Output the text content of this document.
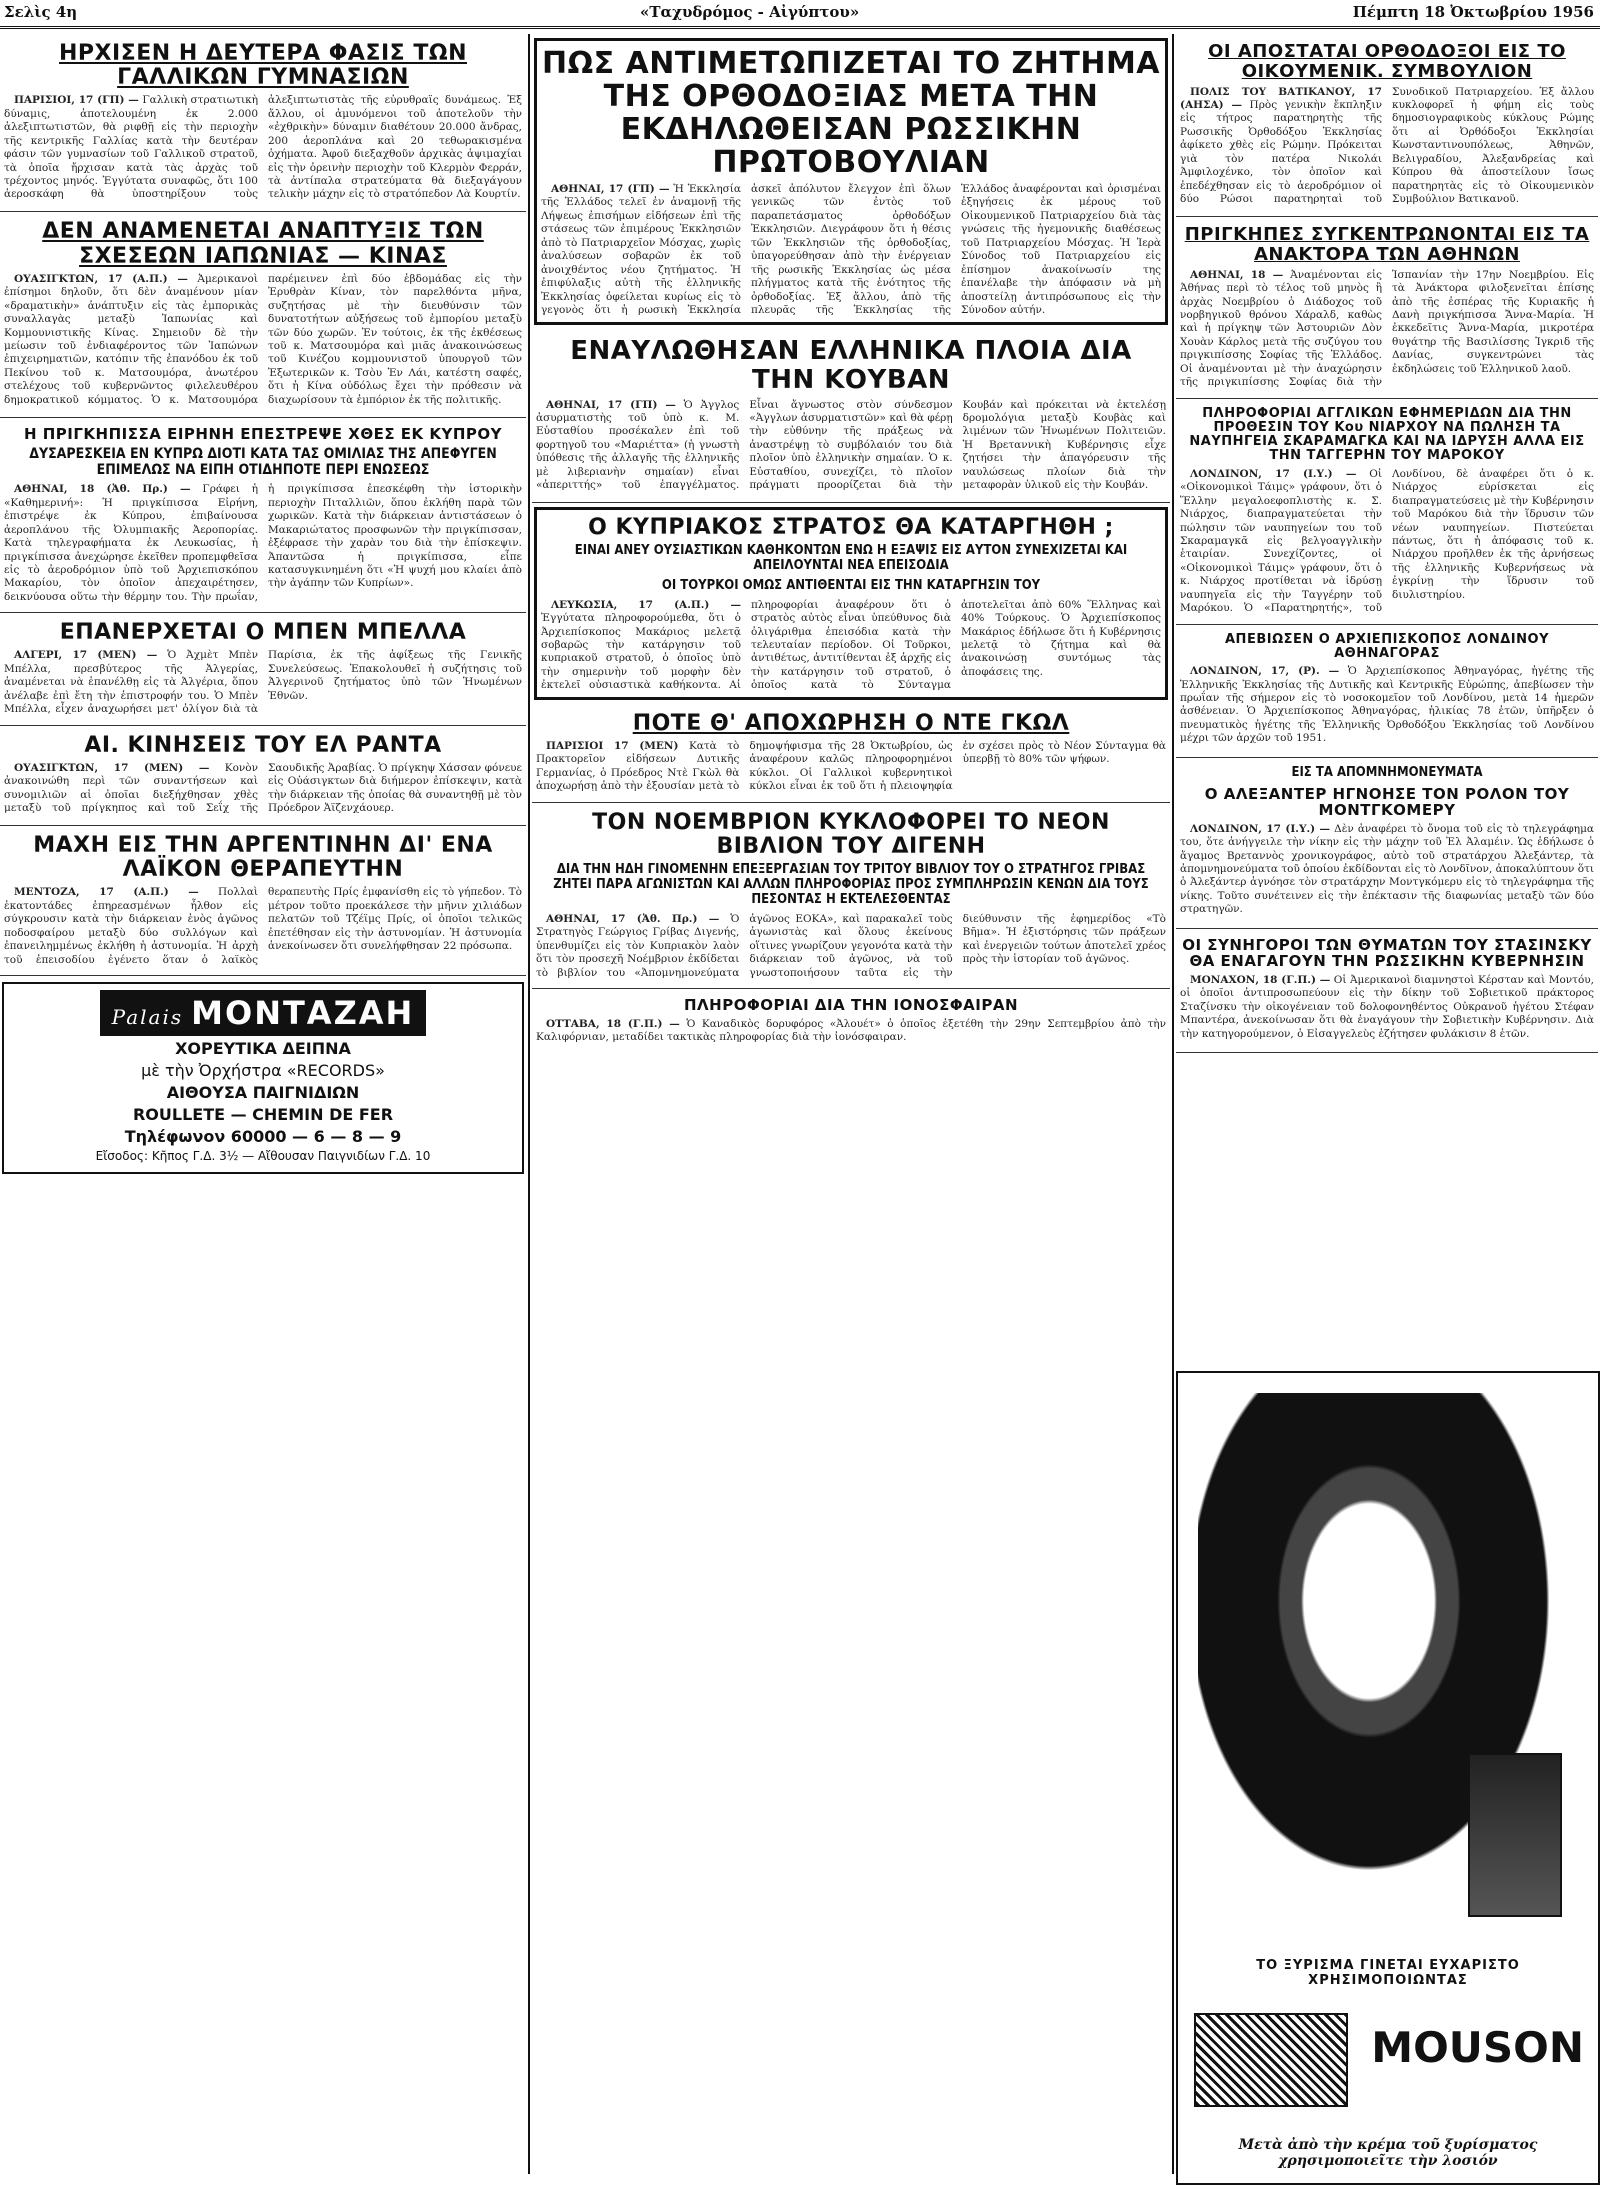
Σελὶς 4η	«Ταχυδρόμος - Αἰγύπτου»	Πέμπτη 18 Ὀκτωβρίου 1956
ΗΡΧΙΣΕΝ Η ΔΕΥΤΕΡΑ ΦΑΣΙΣ ΤΩΝ ΓΑΛΛΙΚΩΝ ΓΥΜΝΑΣΙΩΝ

ΠΑΡΙΣΙΟΙ, 17 (ΓΠ) — Γαλλικὴ στρατιωτικὴ δύναμις, ἀποτελουμένη ἐκ 2.000 ἀλεξιπτωτιστῶν, θὰ ριφθῇ εἰς τὴν περιοχὴν τῆς κεντρικῆς Γαλλίας κατὰ τὴν δευτέραν φάσιν τῶν γυμνασίων τοῦ Γαλλικοῦ στρατοῦ, τὰ ὁποῖα ἤρχισαν κατὰ τὰς ἀρχὰς τοῦ τρέχοντος μηνός. Ἐγγύτατα συναφῶς, ὅτι 100 ἀεροσκάφη θὰ ὑποστηρίξουν τοὺς ἀλεξιπτωτιστὰς τῆς εὐρυθραϊς δυνάμεως. Ἐξ ἄλλου, οἱ ἀμυνόμενοι τοῦ ἀποτελοῦν τὴν «ἐχθρικὴν» δύναμιν διαθέτουν 20.000 ἄνδρας, 200 ἀεροπλάνα καὶ 20 τεθωρακισμένα ὀχήματα. Ἀφοῦ διεξαχθοῦν ἀρχικὰς ἀψιμαχίαι εἰς τὴν ὀρεινὴν περιοχὴν τοῦ Κλερμὸν Φερράν, τὰ ἀντίπαλα στρατεύματα θὰ διεξαγάγουν τελικὴν μάχην εἰς τὸ στρατόπεδον Λὰ Κουρτίν.

ΔΕΝ ΑΝΑΜΕΝΕΤΑΙ ΑΝΑΠΤΥΞΙΣ ΤΩΝ ΣΧΕΣΕΩΝ ΙΑΠΩΝΙΑΣ — ΚΙΝΑΣ

ΟΥΑΣΙΓΚΤΩΝ, 17 (Α.Π.) — Ἀμερικανοὶ ἐπίσημοι δηλοῦν, ὅτι δὲν ἀναμένουν μίαν «δραματικὴν» ἀνάπτυξιν εἰς τὰς ἐμπορικὰς συναλλαγὰς μεταξὺ Ἰαπωνίας καὶ Κομμουνιστικῆς Κίνας. Σημειοῦν δὲ τὴν μείωσιν τοῦ ἐνδιαφέροντος τῶν Ἰαπώνων ἐπιχειρηματιῶν, κατόπιν τῆς ἐπανόδου ἐκ τοῦ Πεκίνου τοῦ κ. Ματσουμόρα, ἀνωτέρου στελέχους τοῦ κυβερνῶντος φιλελευθέρου δημοκρατικοῦ κόμματος. Ὁ κ. Ματσουμόρα παρέμεινεν ἐπὶ δύο ἑβδομάδας εἰς τὴν Ἐρυθρὰν Κίναν, τὸν παρελθόντα μῆνα, συζητήσας μὲ τὴν διευθύνσιν τῶν δυνατοτήτων αὐξήσεως τοῦ ἐμπορίου μεταξὺ τῶν δύο χωρῶν. Ἐν τούτοις, ἐκ τῆς ἐκθέσεως τοῦ κ. Ματσουμόρα καὶ μιᾶς ἀνακοινώσεως τοῦ Κινέζου κομμουνιστοῦ ὑπουργοῦ τῶν Ἐξωτερικῶν κ. Τσὸυ Ἐν Λάι, κατέστη σαφές, ὅτι ἡ Κίνα οὐδόλως ἔχει τὴν πρόθεσιν νὰ διαχωρίσουν τὰ ἐμπόριον ἐκ τῆς πολιτικῆς.

Η ΠΡΙΓΚΗΠΙΣΣΑ ΕΙΡΗΝΗ ΕΠΕΣΤΡΕΨΕ ΧΘΕΣ ΕΚ ΚΥΠΡΟΥ
ΔΥΣΑΡΕΣΚΕΙΑ ΕΝ ΚΥΠΡΩ ΔΙΟΤΙ ΚΑΤΑ ΤΑΣ ΟΜΙΛΙΑΣ ΤΗΣ ΑΠΕΦΥΓΕΝ ΕΠΙΜΕΛΩΣ ΝΑ ΕΙΠΗ ΟΤΙΔΗΠΟΤΕ ΠΕΡΙ ΕΝΩΣΕΩΣ

ΑΘΗΝΑΙ, 18 (Ἀθ. Πρ.) — Γράφει ἡ «Καθημερινή»: Ἡ πριγκίπισσα Εἰρήνη, ἐπιστρέψε ἐκ Κύπρου, ἐπιβαίνουσα ἀεροπλάνου τῆς Ὀλυμπιακῆς Ἀεροπορίας. Κατὰ τηλεγραφήματα ἐκ Λευκωσίας, ἡ πριγκίπισσα ἀνεχώρησε ἐκεῖθεν προπεμφθεῖσα εἰς τὸ ἀεροδρόμιον ὑπὸ τοῦ Ἀρχιεπισκόπου Μακαρίου, τὸν ὁποῖον ἀπεχαιρέτησεν, δεικνύουσα οὕτω τὴν θέρμην του. Τὴν πρωΐαν, ἡ πριγκίπισσα ἐπεσκέφθη τὴν ἱστορικὴν περιοχὴν Πιταλλιῶν, ὅπου ἐκλήθη παρὰ τῶν χωρικῶν. Κατὰ τὴν διάρκειαν ἀντιστάσεων ὁ Μακαριώτατος προσφωνῶν τὴν πριγκίπισσαν, ἐξέφρασε τὴν χαρὰν του διὰ τὴν ἐπίσκεψιν. Ἀπαντῶσα ἡ πριγκίπισσα, εἶπε κατασυγκινημένη ὅτι «Ἡ ψυχή μου κλαίει ἀπὸ τὴν ἀγάπην τῶν Κυπρίων».

ΕΠΑΝΕΡΧΕΤΑΙ Ο ΜΠΕΝ ΜΠΕΛΛΑ

ΑΛΓΕΡΙ, 17 (ΜΕΝ) — Ὁ Ἀχμὲτ Μπὲν Μπέλλα, πρεσβύτερος τῆς Ἀλγερίας, ἀναμένεται νὰ ἐπανέλθῃ εἰς τὰ Ἀλγέρια, ὅπου ἀνέλαβε ἐπὶ ἔτη τὴν ἐπιστροφήν του. Ὁ Μπὲν Μπέλλα, εἶχεν ἀναχωρήσει μετ' ὀλίγον διὰ τὰ Παρίσια, ἐκ τῆς ἀφίξεως τῆς Γενικῆς Συνελεύσεως. Ἐπακολουθεῖ ἡ συζήτησις τοῦ Ἀλγερινοῦ ζητήματος ὑπὸ τῶν Ἡνωμένων Ἐθνῶν.

ΑΙ. ΚΙΝΗΣΕΙΣ ΤΟΥ ΕΛ ΡΑΝΤΑ

ΟΥΑΣΙΓΚΤΩΝ, 17 (ΜΕΝ) — Κονὸν ἀνακοινώθη περὶ τῶν συναντήσεων καὶ συνομιλιῶν αἱ ὁποῖαι διεξήχθησαν χθὲς μεταξὺ τοῦ πρίγκηπος καὶ τοῦ Σεΐχ τῆς Σαουδικῆς Ἀραβίας. Ὁ πρίγκηψ Χάσσαν φόνευε εἰς Οὐάσιγκτων διὰ διήμερον ἐπίσκεψιν, κατὰ τὴν διάρκειαν τῆς ὁποίας θὰ συναντηθῇ μὲ τὸν Πρόεδρον Ἀϊζενχάουερ.

ΜΑΧΗ ΕΙΣ ΤΗΝ ΑΡΓΕΝΤΙΝΗΝ ΔΙ' ΕΝΑ ΛΑΪΚΟΝ ΘΕΡΑΠΕΥΤΗΝ

ΜΕΝΤΟΖΑ, 17 (Α.Π.) — Πολλαὶ ἑκατοντάδες ἐπηρεασμένων ἦλθον εἰς σύγκρουσιν κατὰ τὴν διάρκειαν ἑνὸς ἀγῶνος ποδοσφαίρου μεταξὺ δύο συλλόγων καὶ ἐπανειλημμένως ἐκλήθη ἡ ἀστυνομία. Ἡ ἀρχὴ τοῦ ἐπεισοδίου ἐγένετο ὅταν ὁ λαϊκὸς θεραπευτὴς Πρίς ἐμφανίσθη εἰς τὸ γήπεδον. Τὸ μέτρον τοῦτο προεκάλεσε τὴν μῆνιν χιλιάδων πελατῶν τοῦ Τζέϊμς Πρίς, οἱ ὁποῖοι τελικῶς ἐπετέθησαν εἰς τὴν ἀστυνομίαν. Ἡ ἀστυνομία ἀνεκοίνωσεν ὅτι συνελήφθησαν 22 πρόσωπα.

Palais ΜΟΝΤΑΖΑΗ
ΧΟΡΕΥΤΙΚΑ ΔΕΙΠΝΑ
μὲ τὴν Ὀρχήστρα «RECORDS»
ΑΙΘΟΥΣΑ ΠΑΙΓΝΙΔΙΩΝ
ROULLETE — CHEMIN DE FER
Τηλέφωνον 60000 — 6 — 8 — 9
Εἴσοδος: Κῆπος Γ.Δ. 3½ — Αἴθουσαν Παιγνιδίων Γ.Δ. 10
ΠΩΣ ΑΝΤΙΜΕΤΩΠΙΖΕΤΑΙ ΤΟ ΖΗΤΗΜΑ ΤΗΣ ΟΡΘΟΔΟΞΙΑΣ ΜΕΤΑ ΤΗΝ ΕΚΔΗΛΩΘΕΙΣΑΝ ΡΩΣΣΙΚΗΝ ΠΡΩΤΟΒΟΥΛΙΑΝ

ΑΘΗΝΑΙ, 17 (ΓΠ) — Ἡ Ἐκκλησία τῆς Ἑλλάδος τελεῖ ἐν ἀναμονῇ τῆς Λήψεως ἐπισήμων εἰδήσεων ἐπὶ τῆς στάσεως τῶν ἐπιμέρους Ἐκκλησιῶν ἀπὸ τὸ Πατριαρχεῖον Μόσχας, χωρὶς ἀναλύσεων σοβαρῶν ἐκ τοῦ ἀνοιχθέντος νέου ζητήματος. Ἡ ἐπιφύλαξις αὐτὴ τῆς ἑλληνικῆς Ἐκκλησίας ὀφείλεται κυρίως εἰς τὸ γεγονὸς ὅτι ἡ ρωσικὴ Ἐκκλησία ἀσκεῖ ἀπόλυτον ἔλεγχον ἐπὶ ὅλων γενικῶς τῶν ἐντὸς τοῦ παραπετάσματος ὀρθοδόξων Ἐκκλησιῶν. Διεγράφουν ὅτι ἡ θέσις τῶν Ἐκκλησιῶν τῆς ὀρθοδοξίας, ὑπαγορεύθησαν ἀπὸ τὴν ἐνέργειαν τῆς ρωσικῆς Ἐκκλησίας ὡς μέσα πλήγματος κατὰ τῆς ἑνότητος τῆς ὀρθοδοξίας. Ἐξ ἄλλου, ἀπὸ τῆς πλευρᾶς τῆς Ἐκκλησίας τῆς Ἑλλάδος ἀναφέρονται καὶ ὁρισμέναι ἐξηγήσεις ἐκ μέρους τοῦ Οἰκουμενικοῦ Πατριαρχείου διὰ τὰς γνώσεις τῆς ἠγεμονικῆς διαθέσεως τοῦ Πατριαρχείου Μόσχας. Ἡ Ἱερὰ Σύνοδος τοῦ Πατριαρχείου εἰς ἐπίσημον ἀνακοίνωσίν της ἐπανέλαβε τὴν ἀπόφασιν νὰ μὴ ἀποστείλῃ ἀντιπρόσωπους εἰς τὴν Σύνοδον αὐτήν.

ΕΝΑΥΛΩΘΗΣΑΝ ΕΛΛΗΝΙΚΑ ΠΛΟΙΑ ΔΙΑ ΤΗΝ ΚΟΥΒΑΝ

ΑΘΗΝΑΙ, 17 (ΓΠ) — Ὁ Ἀγγλος ἀσυρματιστὴς τοῦ ὑπὸ κ. Μ. Εὐσταθίου προσέκαλεν ἐπὶ τοῦ φορτηγοῦ του «Μαριέττα» (ἡ γνωστὴ ὑπόθεσις τῆς ἀλλαγῆς τῆς ἑλληνικῆς μὲ λιβεριανὴν σημαίαν) εἶναι «ἀπεριττής» τοῦ ἐπαγγέλματος. Εἶναι ἄγνωστος στὸν σύνδεσμον «Ἀγγλων ἀσυρματιστῶν» καὶ θὰ φέρῃ τὴν εὐθύνην τῆς πράξεως νὰ ἀναστρέψῃ τὸ συμβόλαιόν του διὰ πλοῖον ὑπὸ ἑλληνικὴν σημαίαν. Ὁ κ. Εὐσταθίου, συνεχίζει, τὸ πλοῖον πράγματι προορίζεται διὰ τὴν Κουβάν καὶ πρόκειται νὰ ἐκτελέσῃ δρομολόγια μεταξὺ Κουβὰς καὶ λιμένων τῶν Ἡνωμένων Πολιτειῶν. Ἡ Βρεταννικὴ Κυβέρνησις εἶχε ζητήσει τὴν ἀπαγόρευσιν τῆς ναυλώσεως πλοίων διὰ τὴν μεταφορὰν ὑλικοῦ εἰς τὴν Κουβάν.

Ο ΚΥΠΡΙΑΚΟΣ ΣΤΡΑΤΟΣ ΘΑ ΚΑΤΑΡΓΗΘΗ ;
ΕΙΝΑΙ ΑΝΕΥ ΟΥΣΙΑΣΤΙΚΩΝ ΚΑΘΗΚΟΝΤΩΝ ΕΝΩ Η ΕΞΑΨΙΣ ΕΙΣ ΑΥΤΟΝ ΣΥΝΕΧΙΖΕΤΑΙ ΚΑΙ ΑΠΕΙΛΟΥΝΤΑΙ ΝΕΑ ΕΠΕΙΣΟΔΙΑ
ΟΙ ΤΟΥΡΚΟΙ ΟΜΩΣ ΑΝΤΙΘΕΝΤΑΙ ΕΙΣ ΤΗΝ ΚΑΤΑΡΓΗΣΙΝ ΤΟΥ

ΛΕΥΚΩΣΙΑ, 17 (Α.Π.) — Ἐγγύτατα πληροφορούμεθα, ὅτι ὁ Ἀρχιεπίσκοπος Μακάριος μελετᾷ σοβαρῶς τὴν κατάργησιν τοῦ κυπριακοῦ στρατοῦ, ὁ ὁποῖος ὑπὸ τὴν σημερινὴν τοῦ μορφὴν δὲν ἐκτελεῖ οὐσιαστικὰ καθήκοντα. Αἱ πληροφορίαι ἀναφέρουν ὅτι ὁ στρατὸς αὐτὸς εἶναι ὑπεύθυνος διὰ ὀλιγάριθμα ἐπεισόδια κατὰ τὴν τελευταίαν περίοδον. Οἱ Τοῦρκοι, ἀντιθέτως, ἀντιτίθενται ἐξ ἀρχῆς εἰς τὴν κατάργησιν τοῦ στρατοῦ, ὁ ὁποῖος κατὰ τὸ Σύνταγμα ἀποτελεῖται ἀπὸ 60% Ἕλληνας καὶ 40% Τούρκους. Ὁ Ἀρχιεπίσκοπος Μακάριος ἐδήλωσε ὅτι ἡ Κυβέρνησις μελετᾷ τὸ ζήτημα καὶ θὰ ἀνακοινώσῃ συντόμως τὰς ἀποφάσεις της.

ΠΟΤΕ Θ' ΑΠΟΧΩΡΗΣΗ Ο ΝΤΕ ΓΚΩΛ

ΠΑΡΙΣΙΟΙ 17 (ΜΕΝ) Κατὰ τὸ Πρακτορεῖον εἰδήσεων Δυτικῆς Γερμανίας, ὁ Πρόεδρος Ντὲ Γκὼλ θὰ ἀποχωρήσῃ ἀπὸ τὴν ἐξουσίαν μετὰ τὸ δημοψήφισμα τῆς 28 Ὀκτωβρίου, ὡς ἀναφέρουν καλῶς πληροφορημένοι κύκλοι. Οἱ Γαλλικοὶ κυβερνητικοὶ κύκλοι εἶναι ἐκ τοῦ ὅτι ἡ πλειοψηφία ἐν σχέσει πρὸς τὸ Νέον Σύνταγμα θὰ ὑπερβῇ τὸ 80% τῶν ψήφων.

ΤΟΝ ΝΟΕΜΒΡΙΟΝ ΚΥΚΛΟΦΟΡΕΙ ΤΟ ΝΕΟΝ ΒΙΒΛΙΟΝ ΤΟΥ ΔΙΓΕΝΗ
ΔΙΑ ΤΗΝ ΗΔΗ ΓΙΝΟΜΕΝΗΝ ΕΠΕΞΕΡΓΑΣΙΑΝ ΤΟΥ ΤΡΙΤΟΥ ΒΙΒΛΙΟΥ ΤΟΥ Ο ΣΤΡΑΤΗΓΟΣ ΓΡΙΒΑΣ ΖΗΤΕΙ ΠΑΡΑ ΑΓΩΝΙΣΤΩΝ ΚΑΙ ΑΛΛΩΝ ΠΛΗΡΟΦΟΡΙΑΣ ΠΡΟΣ ΣΥΜΠΛΗΡΩΣΙΝ ΚΕΝΩΝ ΔΙΑ ΤΟΥΣ ΠΕΣΟΝΤΑΣ Η ΕΚΤΕΛΕΣΘΕΝΤΑΣ

ΑΘΗΝΑΙ, 17 (Ἀθ. Πρ.) — Ὁ Στρατηγὸς Γεώργιος Γρίβας Διγενής, ὑπενθυμίζει εἰς τὸν Κυπριακὸν λαὸν ὅτι τὸν προσεχῆ Νοέμβριον ἐκδίδεται τὸ βιβλίον του «Ἀπομνημονεύματα ἀγῶνος ΕΟΚΑ», καὶ παρακαλεῖ τοὺς ἀγωνιστὰς καὶ ὅλους ἐκείνους οἵτινες γνωρίζουν γεγονότα κατὰ τὴν διάρκειαν τοῦ ἀγῶνος, νὰ τοῦ γνωστοποιήσουν ταῦτα εἰς τὴν διεύθυνσιν τῆς ἐφημερίδος «Τὸ Βῆμα». Ἡ ἐξιστόρησις τῶν πράξεων καὶ ἐνεργειῶν τούτων ἀποτελεῖ χρέος πρὸς τὴν ἱστορίαν τοῦ ἀγῶνος.

ΠΛΗΡΟΦΟΡΙΑΙ ΔΙΑ ΤΗΝ ΙΟΝΟΣΦΑΙΡΑΝ

ΟΤΤΑΒΑ, 18 (Γ.Π.) — Ὁ Καναδικὸς δορυφόρος «Ἀλουέτ» ὁ ὁποῖος ἐξετέθη τὴν 29ην Σεπτεμβρίου ἀπὸ τὴν Καλιφόρνιαν, μεταδίδει τακτικὰς πληροφορίας διὰ τὴν ἰονόσφαιραν.

ΟΙ ΑΠΟΣΤΑΤΑΙ ΟΡΘΟΔΟΞΟΙ ΕΙΣ ΤΟ ΟΙΚΟΥΜΕΝΙΚ. ΣΥΜΒΟΥΛΙΟΝ

ΠΟΛΙΣ ΤΟΥ ΒΑΤΙΚΑΝΟΥ, 17 (ΑΗΣΑ) — Πρὸς γενικὴν ἔκπληξιν εἰς τήτρος παρατηρητὴς τῆς Ρωσσικῆς Ὀρθοδόξου Ἐκκλησίας ἀφίκετο χθὲς εἰς Ρώμην. Πρόκειται γιὰ τὸν πατέρα Νικολάι Ἀμφιλοχένκο, τὸν ὁποῖον καὶ ἐπεδέχθησαν εἰς τὸ ἀεροδρόμιον οἱ δύο Ρώσοι παρατηρηταὶ τοῦ Συνοδικοῦ Πατριαρχείου. Ἐξ ἄλλου κυκλοφορεῖ ἡ φήμη εἰς τοὺς δημοσιογραφικοὺς κύκλους Ρώμης ὅτι αἱ Ὀρθόδοξοι Ἐκκλησίαι Κωνσταντινουπόλεως, Ἀθηνῶν, Βελιγραδίου, Ἀλεξανδρείας καὶ Κύπρου θὰ ἀποστείλουν ἴσως παρατηρητὰς εἰς τὸ Οἰκουμενικὸν Συμβούλιον Βατικανοῦ.

ΠΡΙΓΚΗΠΕΣ ΣΥΓΚΕΝΤΡΩΝΟΝΤΑΙ ΕΙΣ ΤΑ ΑΝΑΚΤΟΡΑ ΤΩΝ ΑΘΗΝΩΝ

ΑΘΗΝΑΙ, 18 — Ἀναμένονται εἰς Ἀθήνας περὶ τὸ τέλος τοῦ μηνὸς ἢ ἀρχὰς Νοεμβρίου ὁ Διάδοχος τοῦ νορβηγικοῦ θρόνου Χάραλδ, καθὼς καὶ ἡ πρίγκηψ τῶν Ἀστουριῶν Δὸν Χουὰν Κάρλος μετὰ τῆς συζύγου του πριγκιπίσσης Σοφίας τῆς Ἑλλάδος. Οἱ ἀναμένονται μὲ τὴν ἀναχώρησιν τῆς πριγκιπίσσης Σοφίας διὰ τὴν Ἰσπανίαν τὴν 17ην Νοεμβρίου. Εἰς τὰ Ἀνάκτορα φιλοξενεῖται ἐπίσης ἀπὸ τῆς ἐσπέρας τῆς Κυριακῆς ἡ Δανὴ πριγκήπισσα Ἄννα-Μαρία. Ἡ ἐκκεδεῖτις Ἄννα-Μαρία, μικροτέρα θυγάτηρ τῆς Βασιλίσσης Ἰγκριδ τῆς Δανίας, συγκεντρώνει τὰς ἐκδηλώσεις τοῦ Ἑλληνικοῦ λαοῦ.

ΠΛΗΡΟΦΟΡΙΑΙ ΑΓΓΛΙΚΩΝ ΕΦΗΜΕΡΙΔΩΝ ΔΙΑ ΤΗΝ ΠΡΟΘΕΣΙΝ ΤΟΥ Κου ΝΙΑΡΧΟΥ ΝΑ ΠΩΛΗΣΗ ΤΑ ΝΑΥΠΗΓΕΙΑ ΣΚΑΡΑΜΑΓΚΑ ΚΑΙ ΝΑ ΙΔΡΥΣΗ ΑΛΛΑ ΕΙΣ ΤΗΝ ΤΑΓΓΕΡΗΝ ΤΟΥ ΜΑΡΟΚΟΥ

ΛΟΝΔΙΝΟΝ, 17 (Ι.Υ.) — Οἱ «Οἰκονομικοὶ Τάιμς» γράφουν, ὅτι ὁ Ἕλλην μεγαλοεφοπλιστὴς κ. Σ. Νιάρχος, διαπραγματεύεται τὴν πώλησιν τῶν ναυπηγείων του τοῦ Σκαραμαγκᾶ εἰς βελγοαγγλικὴν ἑταιρίαν. Συνεχίζοντες, οἱ «Οἰκονομικοὶ Τάιμς» γράφουν, ὅτι ὁ κ. Νιάρχος προτίθεται νὰ ἱδρύσῃ ναυπηγεῖα εἰς τὴν Ταγγέρην τοῦ Μαρόκου. Ὁ «Παρατηρητής», τοῦ Λονδίνου, δὲ ἀναφέρει ὅτι ὁ κ. Νιάρχος εὑρίσκεται εἰς διαπραγματεύσεις μὲ τὴν Κυβέρνησιν τοῦ Μαρόκου διὰ τὴν ἵδρυσιν τῶν νέων ναυπηγείων. Πιστεύεται πάντως, ὅτι ἡ ἀπόφασις τοῦ κ. Νιάρχου προῆλθεν ἐκ τῆς ἀρνήσεως τῆς ἑλληνικῆς Κυβερνήσεως νὰ ἐγκρίνῃ τὴν ἵδρυσιν τοῦ διυλιστηρίου.

ΑΠΕΒΙΩΣΕΝ Ο ΑΡΧΙΕΠΙΣΚΟΠΟΣ ΛΟΝΔΙΝΟΥ ΑΘΗΝΑΓΟΡΑΣ

ΛΟΝΔΙΝΟΝ, 17, (Ρ). — Ὁ Ἀρχιεπίσκοπος Ἀθηναγόρας, ἡγέτης τῆς Ἑλληνικῆς Ἐκκλησίας τῆς Δυτικῆς καὶ Κεντρικῆς Εὐρώπης, ἀπεβίωσεν τὴν πρωΐαν τῆς σήμερον εἰς τὸ νοσοκομεῖον τοῦ Λονδίνου, μετὰ 14 ἡμερῶν ἀσθένειαν. Ὁ Ἀρχιεπίσκοπος Ἀθηναγόρας, ἡλικίας 78 ἐτῶν, ὑπῆρξεν ὁ πνευματικὸς ἡγέτης τῆς Ἑλληνικῆς Ὀρθοδόξου Ἐκκλησίας τοῦ Λονδίνου μέχρι τῶν ἀρχῶν τοῦ 1951.

ΕΙΣ ΤΑ ΑΠΟΜΝΗΜΟΝΕΥΜΑΤΑ
Ο ΑΛΕΞΑΝΤΕΡ ΗΓΝΟΗΣΕ ΤΟΝ ΡΟΛΟΝ ΤΟΥ ΜΟΝΤΓΚΟΜΕΡΥ

ΛΟΝΔΙΝΟΝ, 17 (Ι.Υ.) — Δὲν ἀναφέρει τὸ ὄνομα τοῦ εἰς τὸ τηλεγράφημα του, ὅτε ἀνήγγειλε τὴν νίκην εἰς τὴν μάχην τοῦ Ἐλ Ἀλαμέιν. Ὡς ἐδήλωσε ὁ ἄγαμος Βρεταννὸς χρονικογράφος, αὐτὸ τοῦ στρατάρχου Ἀλεξάντερ, τὰ ἀπομνημονεύματα τοῦ ὁποίου ἐκδίδονται εἰς τὸ Λονδῖνον, ἀποκαλύπτουν ὅτι ὁ Ἀλεξάντερ ἀγνόησε τὸν στρατάρχην Μοντγκόμερυ εἰς τὸ τηλεγράφημα τῆς νίκης. Τοῦτο συνέτεινεν εἰς τὴν ἐπέκτασιν τῆς διαφωνίας μεταξὺ τῶν δύο στρατηγῶν.

ΟΙ ΣΥΝΗΓΟΡΟΙ ΤΩΝ ΘΥΜΑΤΩΝ ΤΟΥ ΣΤΑΣΙΝΣΚΥ ΘΑ ΕΝΑΓΑΓΟΥΝ ΤΗΝ ΡΩΣΣΙΚΗΝ ΚΥΒΕΡΝΗΣΙΝ

ΜΟΝΑΧΟΝ, 18 (Γ.Π.) — Οἱ Ἀμερικανοὶ διαμνηστοὶ Κέρσταν καὶ Μοντόυ, οἱ ὁποῖοι ἀντιπροσωπεύουν εἰς τὴν δίκην τοῦ Σοβιετικοῦ πράκτορος Σταζίνσκυ τὴν οἰκογένειαν τοῦ δολοφονηθέντος Οὐκρανοῦ ἡγέτου Στέφαν Μπαντέρα, ἀνεκοίνωσαν ὅτι θὰ ἐναγάγουν τὴν Σοβιετικὴν Κυβέρνησιν. Διὰ τὴν κατηγορούμενον, ὁ Εἰσαγγελεὺς ἐζήτησεν φυλάκισιν 8 ἐτῶν.

ΤΟ ΞΥΡΙΣΜΑ ΓΙΝΕΤΑΙ ΕΥΧΑΡΙΣΤΟ ΧΡΗΣΙΜΟΠΟΙΩΝΤΑΣ
MOUSON
Μετὰ ἀπὸ τὴν κρέμα τοῦ ξυρίσματος χρησιμοποιεῖτε τὴν λοσιόν
